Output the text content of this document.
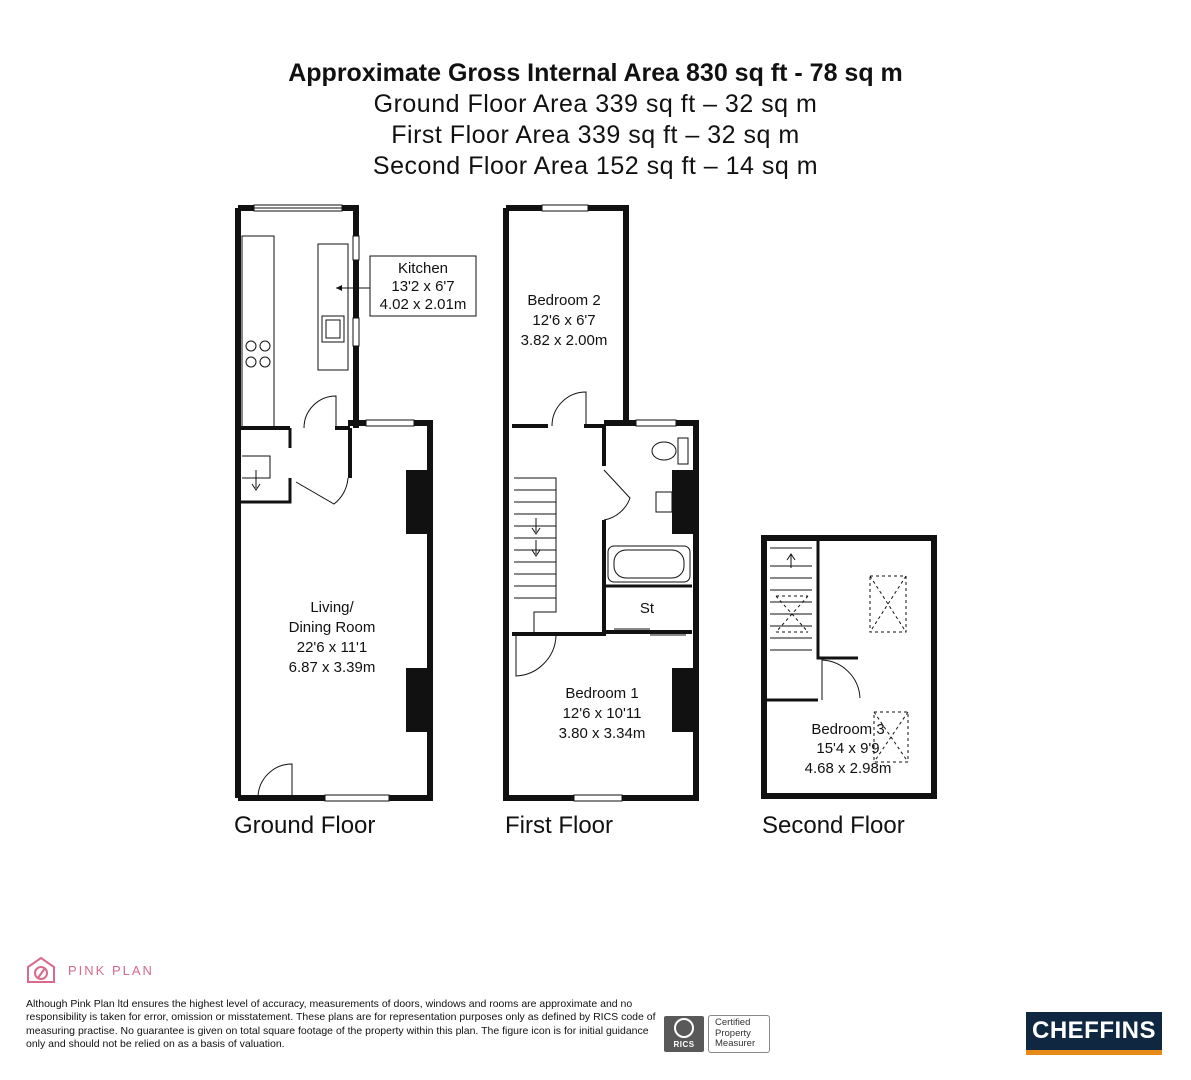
Approximate Gross Internal Area 830 sq ft - 78 sq m
Ground Floor Area 339 sq ft – 32 sq m
First Floor Area 339 sq ft – 32 sq m
Second Floor Area 152 sq ft – 14 sq m
Kitchen
13'2 x 6'7
4.02 x 2.01m
Living/
Dining Room
22'6 x 11'1
6.87 x 3.39m
Ground Floor
Bedroom 2
12'6 x 6'7
3.82 x 2.00m
St
Bedroom 1
12'6 x 10'11
3.80 x 3.34m
First Floor
Bedroom 3
15'4 x 9'9
4.68 x 2.98m
Second Floor
PINK PLAN
Although Pink Plan ltd ensures the highest level of accuracy, measurements of doors, windows and rooms are approximate and no responsibility is taken for error, omission or misstatement. These plans are for representation purposes only as defined by RICS code of measuring practise. No guarantee is given on total square footage of the property within this plan. The figure icon is for initial guidance only and should not be relied on as a basis of valuation.	RICS
Certified
Property
Measurer	CHEFFINS
